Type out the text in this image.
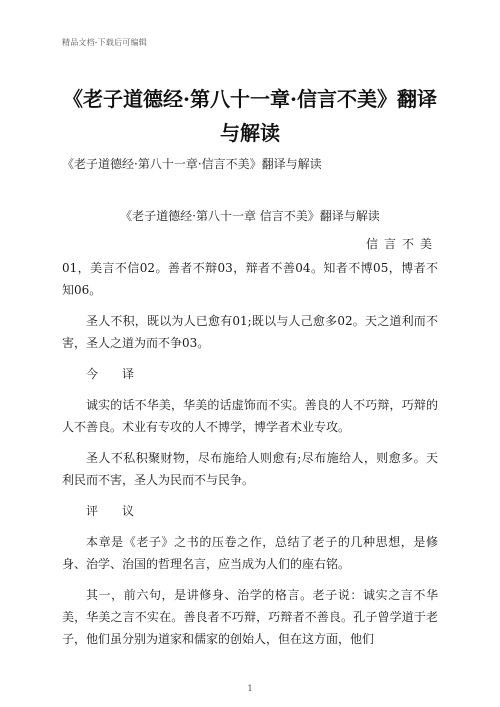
精品文档-下载后可编辑
《老子道德经·第八十一章·信言不美》翻译与解读
《老子道德经·第八十一章·信言不美》翻译与解读

《老子道德经·第八十一章 信言不美》翻译与解读

信言不美

01，美言不信02。善者不辩03，辩者不善04。知者不博05，博者不知06。

圣人不积，既以为人已愈有01;既以与人己愈多02。天之道利而不害，圣人之道为而不争03。

今　　译

诚实的话不华美，华美的话虚饰而不实。善良的人不巧辩，巧辩的人不善良。术业有专攻的人不博学，博学者术业专攻。

圣人不私积聚财物，尽布施给人则愈有;尽布施给人，则愈多。天利民而不害，圣人为民而不与民争。

评　　议

本章是《老子》之书的压卷之作，总结了老子的几种思想，是修身、治学、治国的哲理名言，应当成为人们的座右铭。

其一，前六句，是讲修身、治学的格言。老子说：诚实之言不华美，华美之言不实在。善良者不巧辩，巧辩者不善良。孔子曾学道于老子，他们虽分别为道家和儒家的创始人，但在这方面，他们

1
